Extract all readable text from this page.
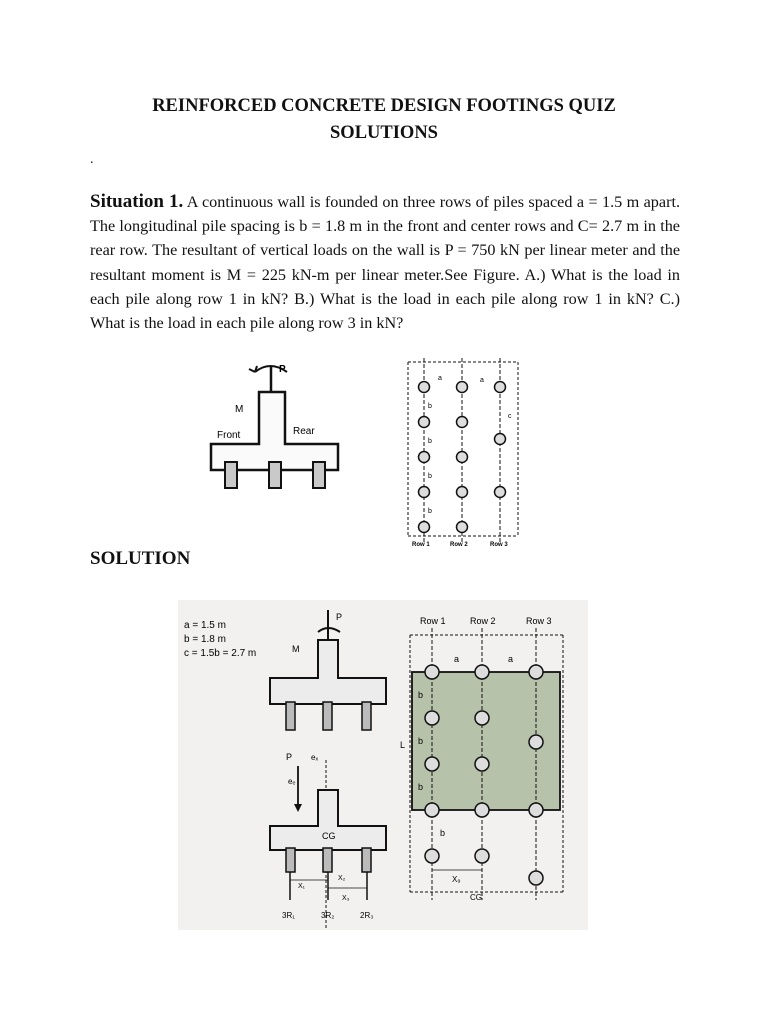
REINFORCED CONCRETE DESIGN FOOTINGS QUIZ
SOLUTIONS
.
Situation 1. A continuous wall is founded on three rows of piles spaced a = 1.5 m apart. The longitudinal pile spacing is b = 1.8 m in the front and center rows and C= 2.7 m in the rear row. The resultant of vertical loads on the wall is P = 750 kN per linear meter and the resultant moment is M = 225 kN-m per linear meter.See Figure. A.) What is the load in each pile along row 1 in kN? B.) What is the load in each pile along row 1 in kN? C.) What is the load in each pile along row 3 in kN?
P
M
Front	Rear
a	a
b
b
b
b
c
Row 1	Row 2	Row 3
SOLUTION
a = 1.5 m
b = 1.8 m
c = 1.5b = 2.7 m
P
M
P eₓ
eₑ
CG
X₁
X₂
X₃
3R₁	3R₂	2R₃
Row 1	Row 2	Row 3
a	a
b
b
b
b
L
X₉
CG
